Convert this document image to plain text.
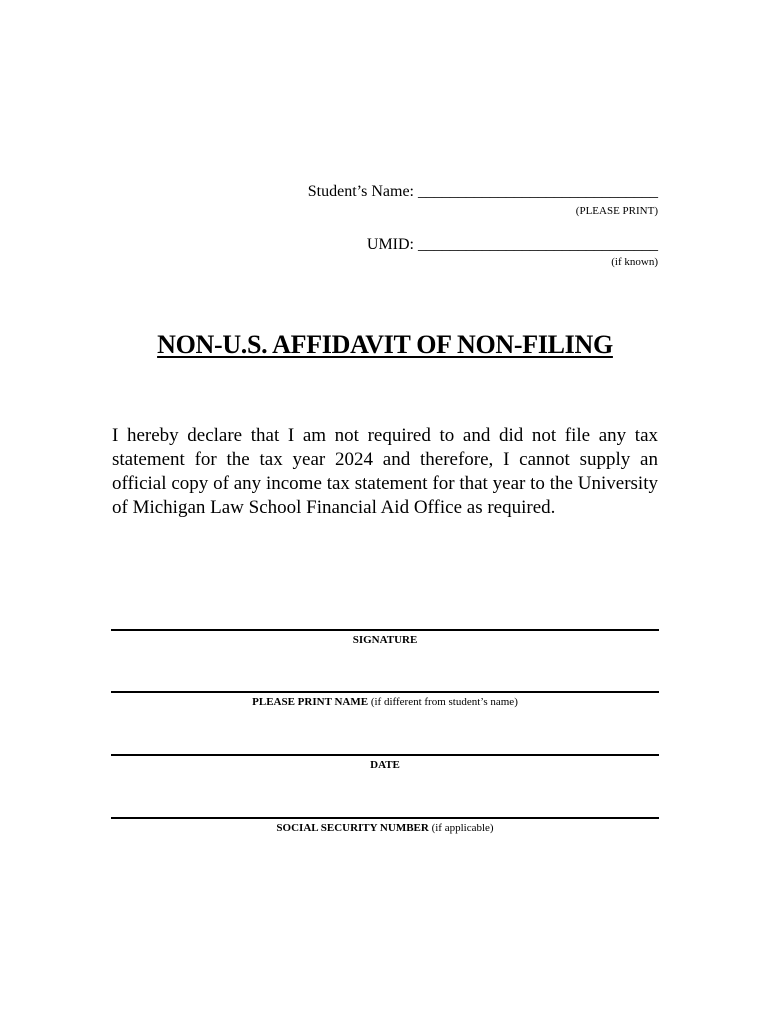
Student’s Name: ______________________________
(PLEASE PRINT)
UMID: ______________________________
(if known)
NON-U.S. AFFIDAVIT OF NON-FILING
I hereby declare that I am not required to and did not file any tax statement for the tax year 2024 and therefore, I cannot supply an official copy of any income tax statement for that year to the University of Michigan Law School Financial Aid Office as required.
SIGNATURE
PLEASE PRINT NAME (if different from student’s name)
DATE
SOCIAL SECURITY NUMBER (if applicable)
